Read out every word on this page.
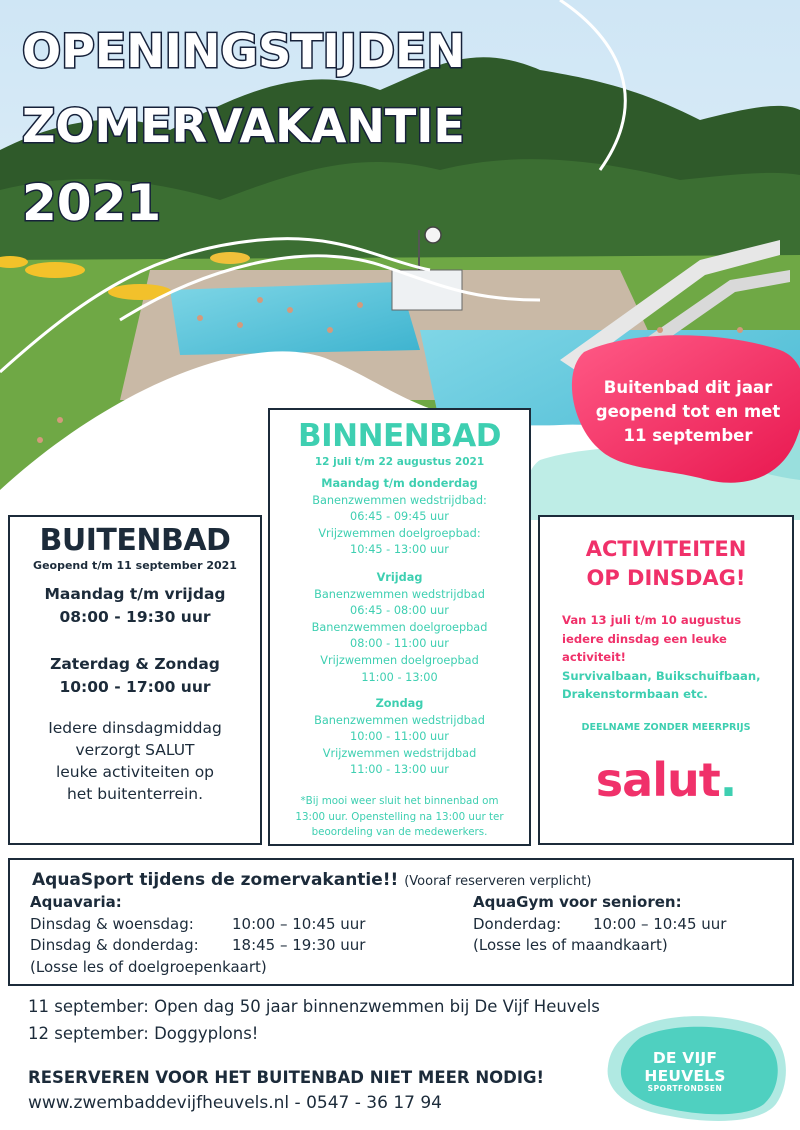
OPENINGSTIJDEN
ZOMERVAKANTIE
2021
Buitenbad dit jaar
geopend tot en met
11 september
BUITENBAD
Geopend t/m 11 september 2021
Maandag t/m vrijdag
08:00 - 19:30 uur
Zaterdag & Zondag
10:00 - 17:00 uur
Iedere dinsdagmiddag
verzorgt SALUT
leuke activiteiten op
het buitenterrein.
BINNENBAD
12 juli t/m 22 augustus 2021
Maandag t/m donderdag
Banenzwemmen wedstrijdbad:
06:45 - 09:45 uur
Vrijzwemmen doelgroepbad:
10:45 - 13:00 uur
Vrijdag
Banenzwemmen wedstrijdbad
06:45 - 08:00 uur
Banenzwemmen doelgroepbad
08:00 - 11:00 uur
Vrijzwemmen doelgroepbad
11:00 - 13:00
Zondag
Banenzwemmen wedstrijdbad
10:00 - 11:00 uur
Vrijzwemmen wedstrijdbad
11:00 - 13:00 uur
*Bij mooi weer sluit het binnenbad om
13:00 uur. Openstelling na 13:00 uur ter
beoordeling van de medewerkers.
ACTIVITEITEN
OP DINSDAG!
Van 13 juli t/m 10 augustus
iedere dinsdag een leuke
activiteit!
Survivalbaan, Buikschuifbaan,
Drakenstormbaan etc.
DEELNAME ZONDER MEERPRIJS
salut.
AquaSport tijdens de zomervakantie!! (Vooraf reserveren verplicht)
Aquavaria:
Dinsdag & woensdag:	10:00 – 10:45 uur
Dinsdag & donderdag: 18:45 – 19:30 uur
(Losse les of doelgroepenkaart)
AquaGym voor senioren:
Donderdag: 10:00 – 10:45 uur
(Losse les of maandkaart)
11 september: Open dag 50 jaar binnenzwemmen bij De Vijf Heuvels
12 september: Doggyplons!
RESERVEREN VOOR HET BUITENBAD NIET MEER NODIG!
www.zwembaddevijfheuvels.nl - 0547 - 36 17 94
DE VIJF HEUVELS
SPORTFONDSEN
